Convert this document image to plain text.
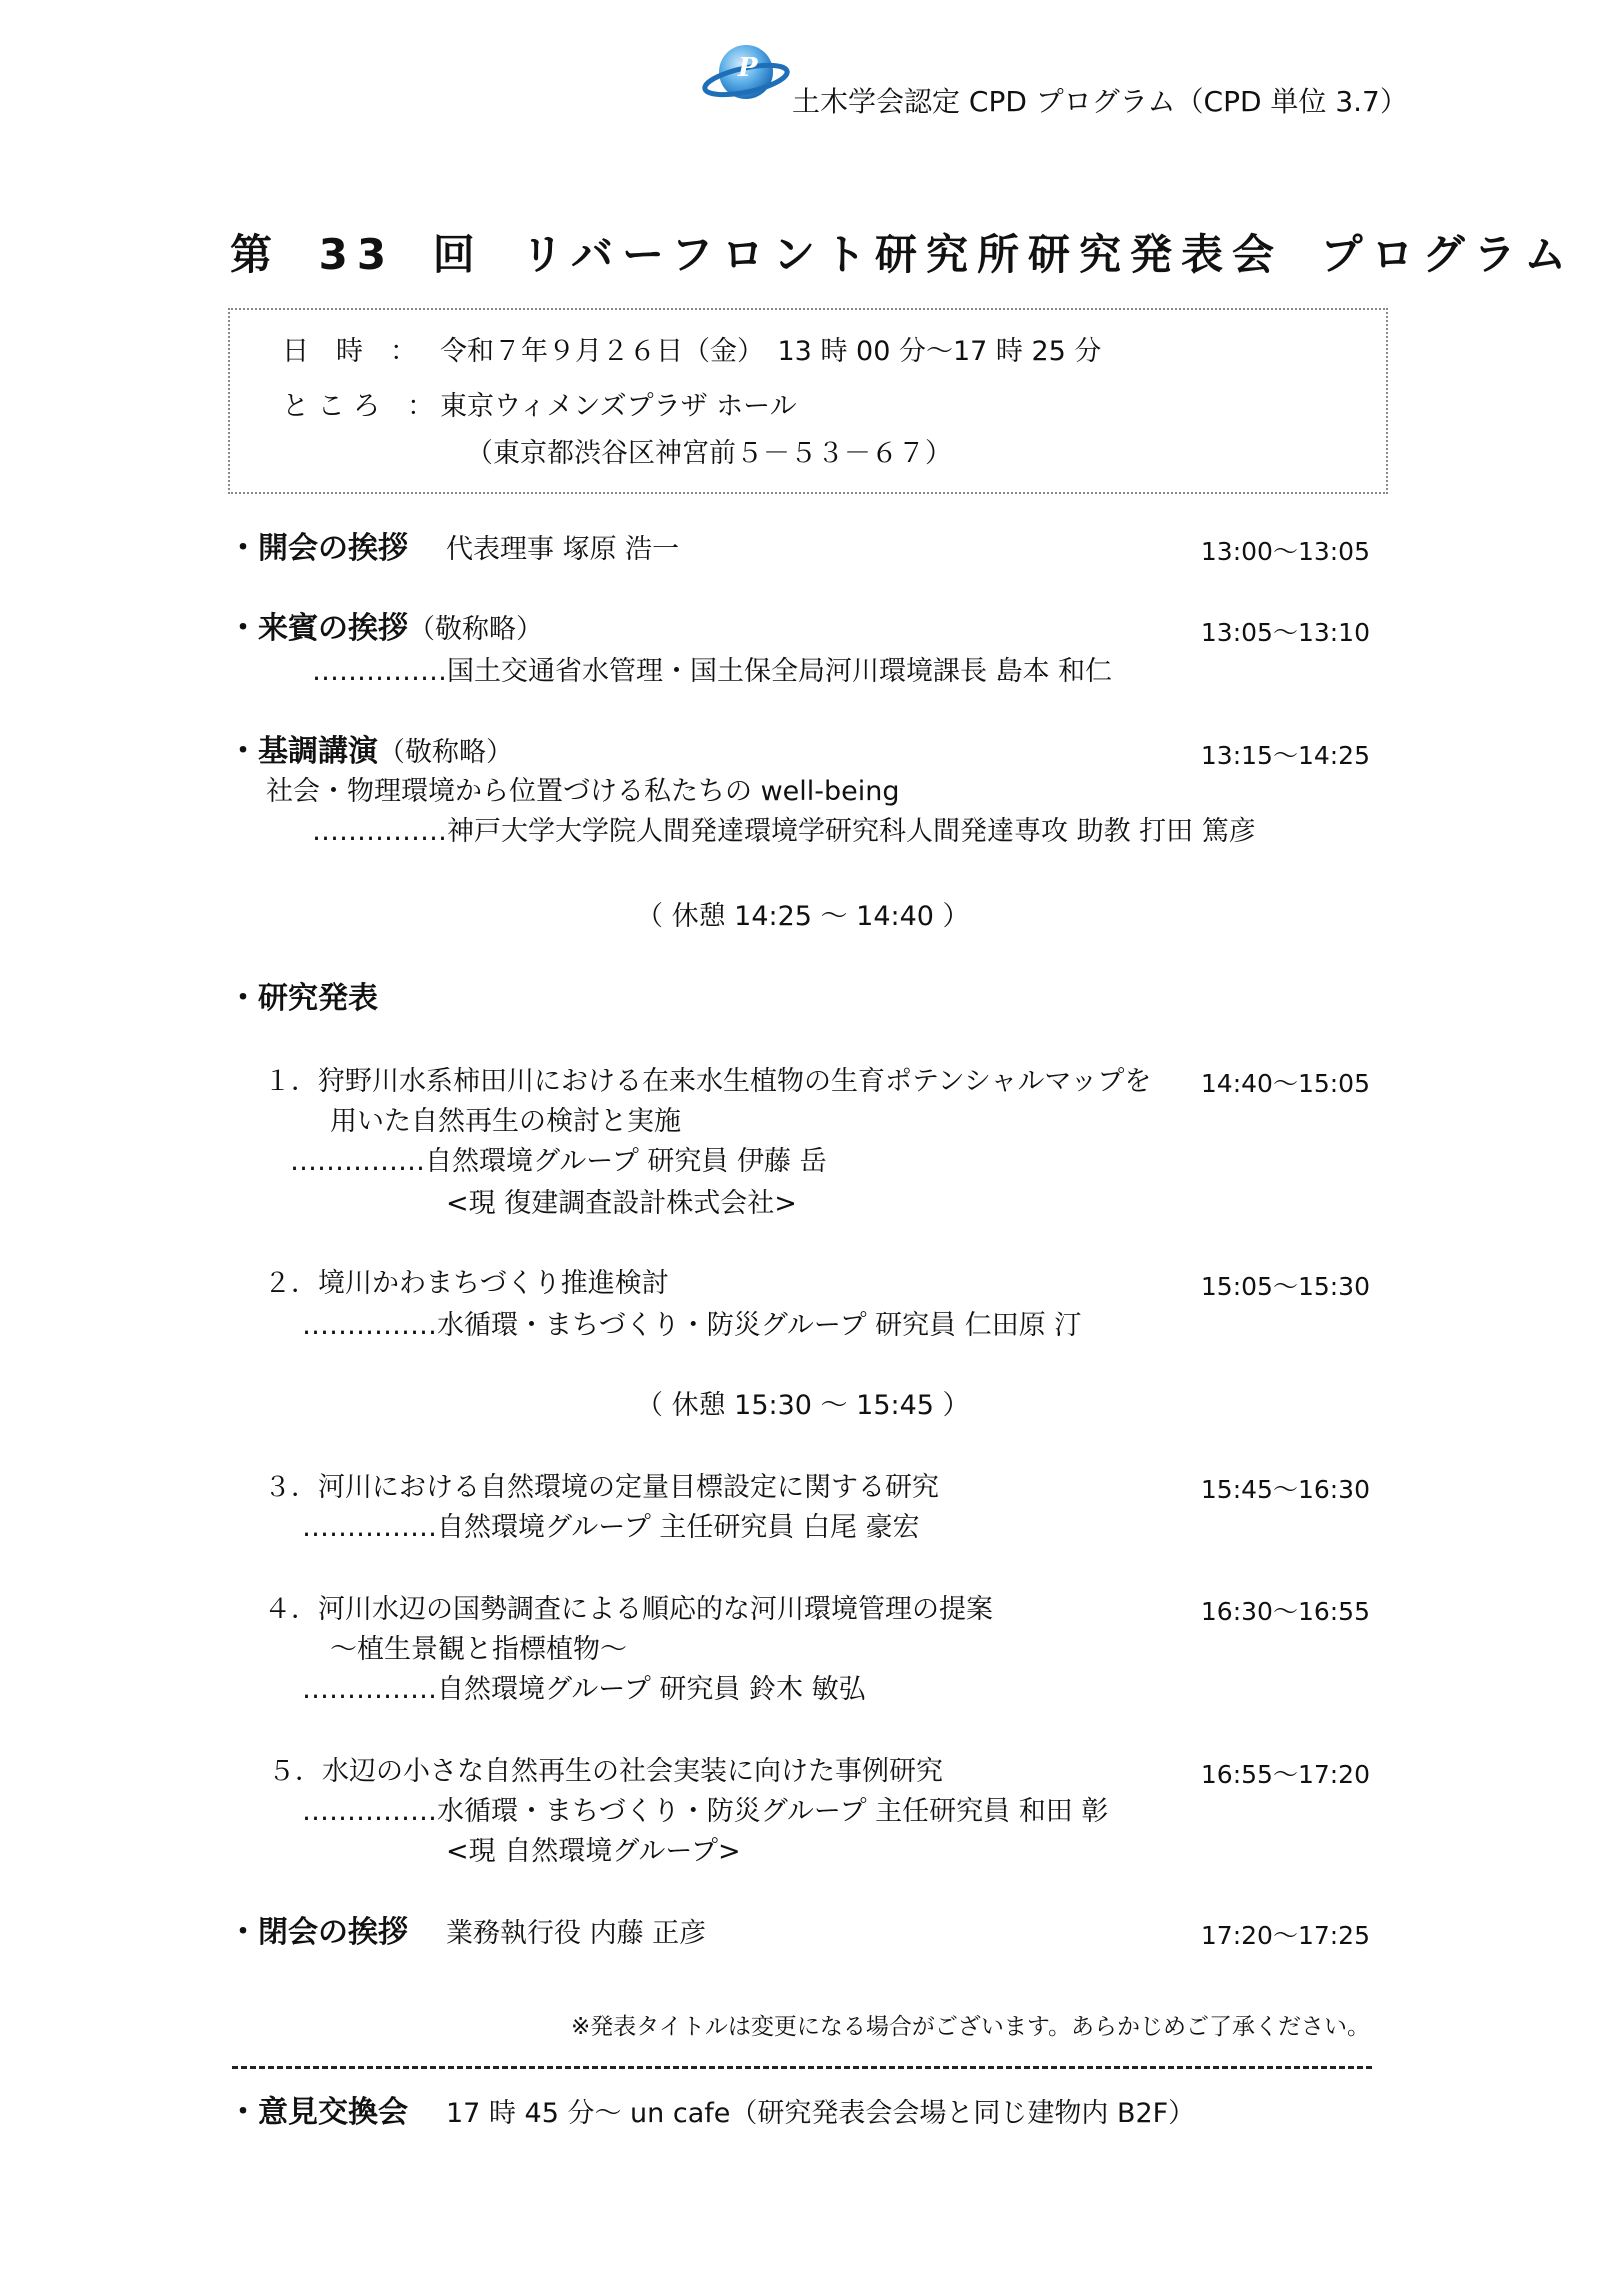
P
土木学会認定 CPD プログラム（CPD 単位 3.7）
第 33 回 リバーフロント研究所研究発表会 プログラム
日　時　： 令和７年９月２６日（金）　13 時 00 分～17 時 25 分
と こ ろ　： 東京ウィメンズプラザ ホール
（東京都渋谷区神宮前５－５３－６７）
・開会の挨拶 代表理事 塚原 浩一	13:00～13:05
・来賓の挨拶（敬称略）	13:05～13:10
……………国土交通省水管理・国土保全局河川環境課長 島本 和仁
・基調講演（敬称略）	13:15～14:25
社会・物理環境から位置づける私たちの well-being
……………神戸大学大学院人間発達環境学研究科人間発達専攻 助教 打田 篤彦
（ 休憩 14:25 ～ 14:40 ）
・研究発表
１．狩野川水系柿田川における在来水生植物の生育ポテンシャルマップを 14:40～15:05
用いた自然再生の検討と実施
……………自然環境グループ 研究員 伊藤 岳
<現 復建調査設計株式会社>
２．境川かわまちづくり推進検討	15:05～15:30
……………水循環・まちづくり・防災グループ 研究員 仁田原 汀
（ 休憩 15:30 ～ 15:45 ）
３．河川における自然環境の定量目標設定に関する研究	15:45～16:30
……………自然環境グループ 主任研究員 白尾 豪宏
４．河川水辺の国勢調査による順応的な河川環境管理の提案	16:30～16:55
～植生景観と指標植物～
……………自然環境グループ 研究員 鈴木 敏弘
５．水辺の小さな自然再生の社会実装に向けた事例研究	16:55～17:20
……………水循環・まちづくり・防災グループ 主任研究員 和田 彰
<現 自然環境グループ>
・閉会の挨拶 業務執行役 内藤 正彦	17:20～17:25
※発表タイトルは変更になる場合がございます。あらかじめご了承ください。
・意見交換会 17 時 45 分～ un cafe（研究発表会会場と同じ建物内 B2F）
